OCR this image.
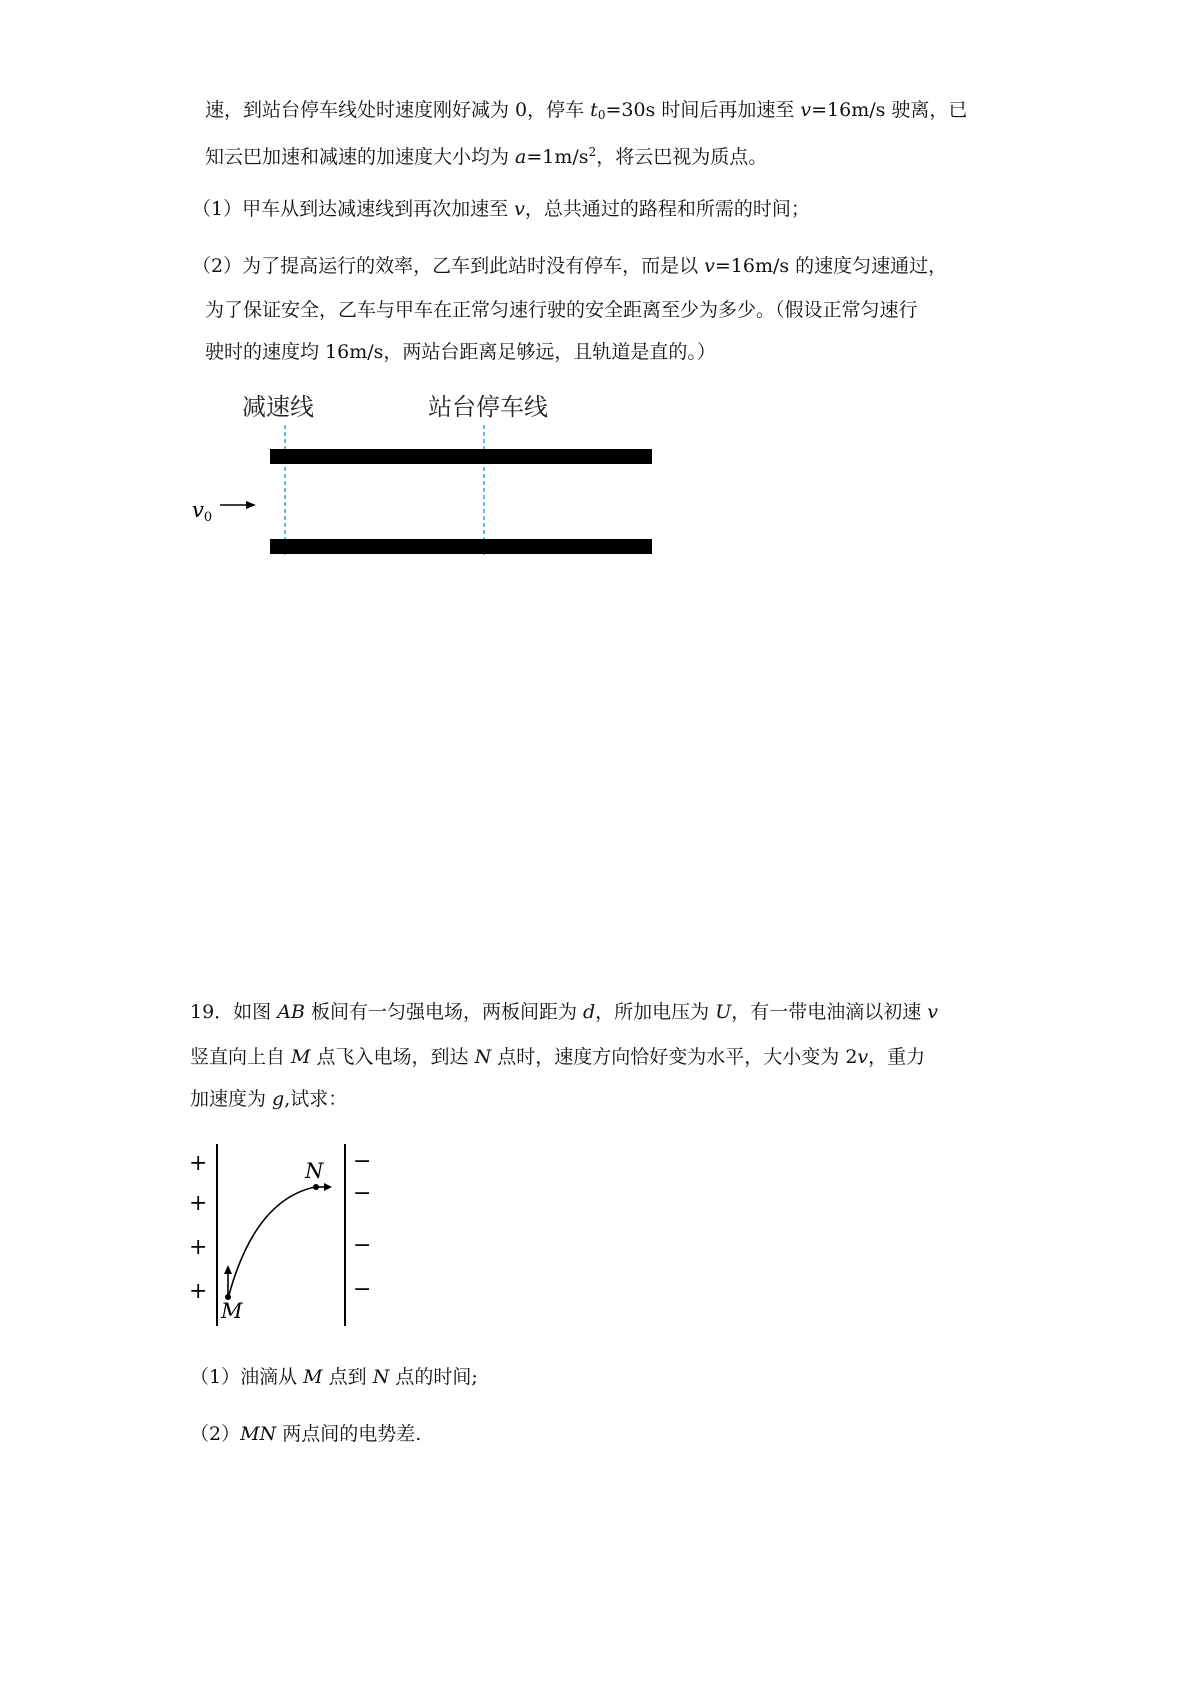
速，到站台停车线处时速度刚好减为 0，停车 $t_0=30s$ 时间后再加速至 v=16m/s 驶离，已
知云巴加速和减速的加速度大小均为 $a=1m/s^2$，将云巴视为质点。
（1）甲车从到达减速线到再次加速至 v，总共通过的路程和所需的时间；
（2）为了提高运行的效率，乙车到此站时没有停车，而是以 v=16m/s 的速度匀速通过，
为了保证安全，乙车与甲车在正常匀速行驶的安全距离至少为多少。（假设正常匀速行
驶时的速度均 16m/s，两站台距离足够远，且轨道是直的。）
减速线	站台停车线
v0
19．如图 AB 板间有一匀强电场，两板间距为 d，所加电压为 U，有一带电油滴以初速 v
竖直向上自 M 点飞入电场，到达 N 点时，速度方向恰好变为水平，大小变为 2v，重力
加速度为 g,试求：
+
+
+
+
−
−
−
−
N
M
（1）油滴从 M 点到 N 点的时间;
（2）MN 两点间的电势差.
